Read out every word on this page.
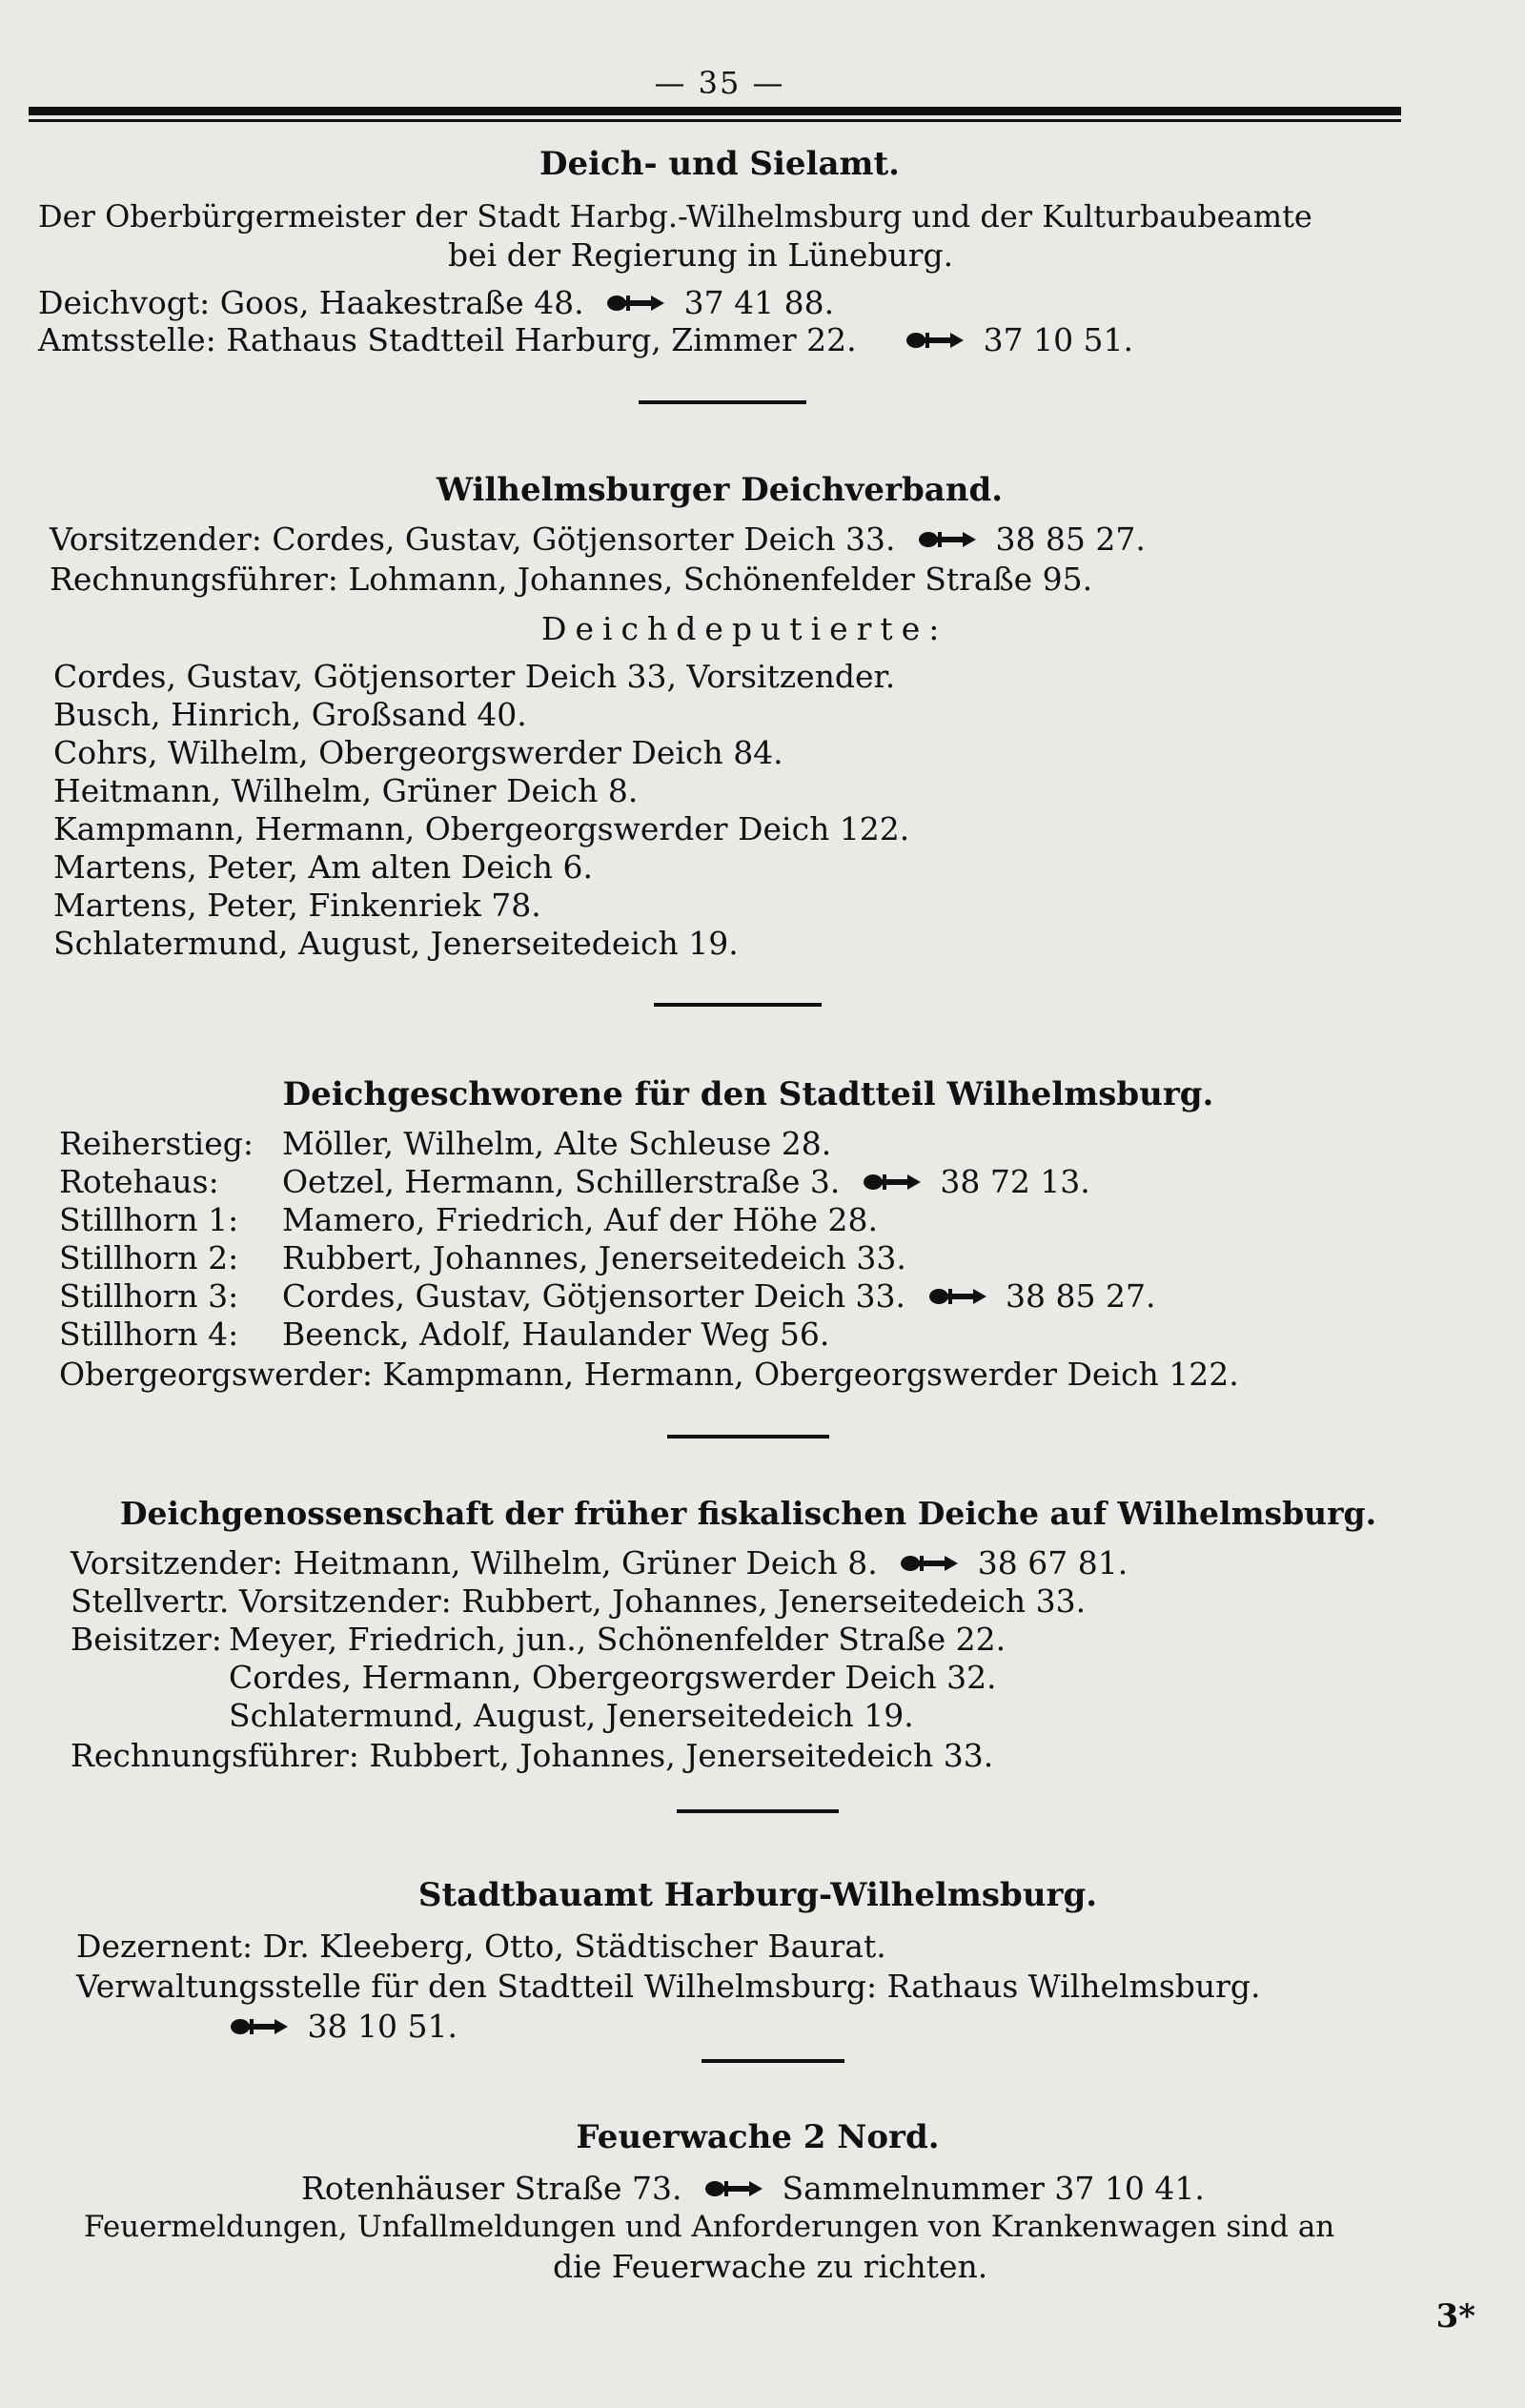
— 35 —
Deich- und Sielamt.
Der Oberbürgermeister der Stadt Harbg.-Wilhelmsburg und der Kulturbaubeamte
bei der Regierung in Lüneburg.
Deichvogt: Goos, Haakestraße 48.	37 41 88.
Amtsstelle: Rathaus Stadtteil Harburg, Zimmer 22.	37 10 51.
Wilhelmsburger Deichverband.
Vorsitzender: Cordes, Gustav, Götjensorter Deich 33.	38 85 27.
Rechnungsführer: Lohmann, Johannes, Schönenfelder Straße 95.
Deichdeputierte:
Cordes, Gustav, Götjensorter Deich 33, Vorsitzender.
Busch, Hinrich, Großsand 40.
Cohrs, Wilhelm, Obergeorgswerder Deich 84.
Heitmann, Wilhelm, Grüner Deich 8.
Kampmann, Hermann, Obergeorgswerder Deich 122.
Martens, Peter, Am alten Deich 6.
Martens, Peter, Finkenriek 78.
Schlatermund, August, Jenerseitedeich 19.
Deichgeschworene für den Stadtteil Wilhelmsburg.
Reiherstieg: Möller, Wilhelm, Alte Schleuse 28.
Rotehaus: Oetzel, Hermann, Schillerstraße 3.	38 72 13.
Stillhorn 1: Mamero, Friedrich, Auf der Höhe 28.
Stillhorn 2: Rubbert, Johannes, Jenerseitedeich 33.
Stillhorn 3: Cordes, Gustav, Götjensorter Deich 33.	38 85 27.
Stillhorn 4: Beenck, Adolf, Haulander Weg 56.
Obergeorgswerder: Kampmann, Hermann, Obergeorgswerder Deich 122.
Deichgenossenschaft der früher fiskalischen Deiche auf Wilhelmsburg.
Vorsitzender: Heitmann, Wilhelm, Grüner Deich 8.	38 67 81.
Stellvertr. Vorsitzender: Rubbert, Johannes, Jenerseitedeich 33.
Beisitzer: Meyer, Friedrich, jun., Schönenfelder Straße 22.
Cordes, Hermann, Obergeorgswerder Deich 32.
Schlatermund, August, Jenerseitedeich 19.
Rechnungsführer: Rubbert, Johannes, Jenerseitedeich 33.
Stadtbauamt Harburg-Wilhelmsburg.
Dezernent: Dr. Kleeberg, Otto, Städtischer Baurat.
Verwaltungsstelle für den Stadtteil Wilhelmsburg: Rathaus Wilhelmsburg.
38 10 51.
Feuerwache 2 Nord.
Rotenhäuser Straße 73.	Sammelnummer 37 10 41.
Feuermeldungen, Unfallmeldungen und Anforderungen von Krankenwagen sind an
die Feuerwache zu richten.
3*
